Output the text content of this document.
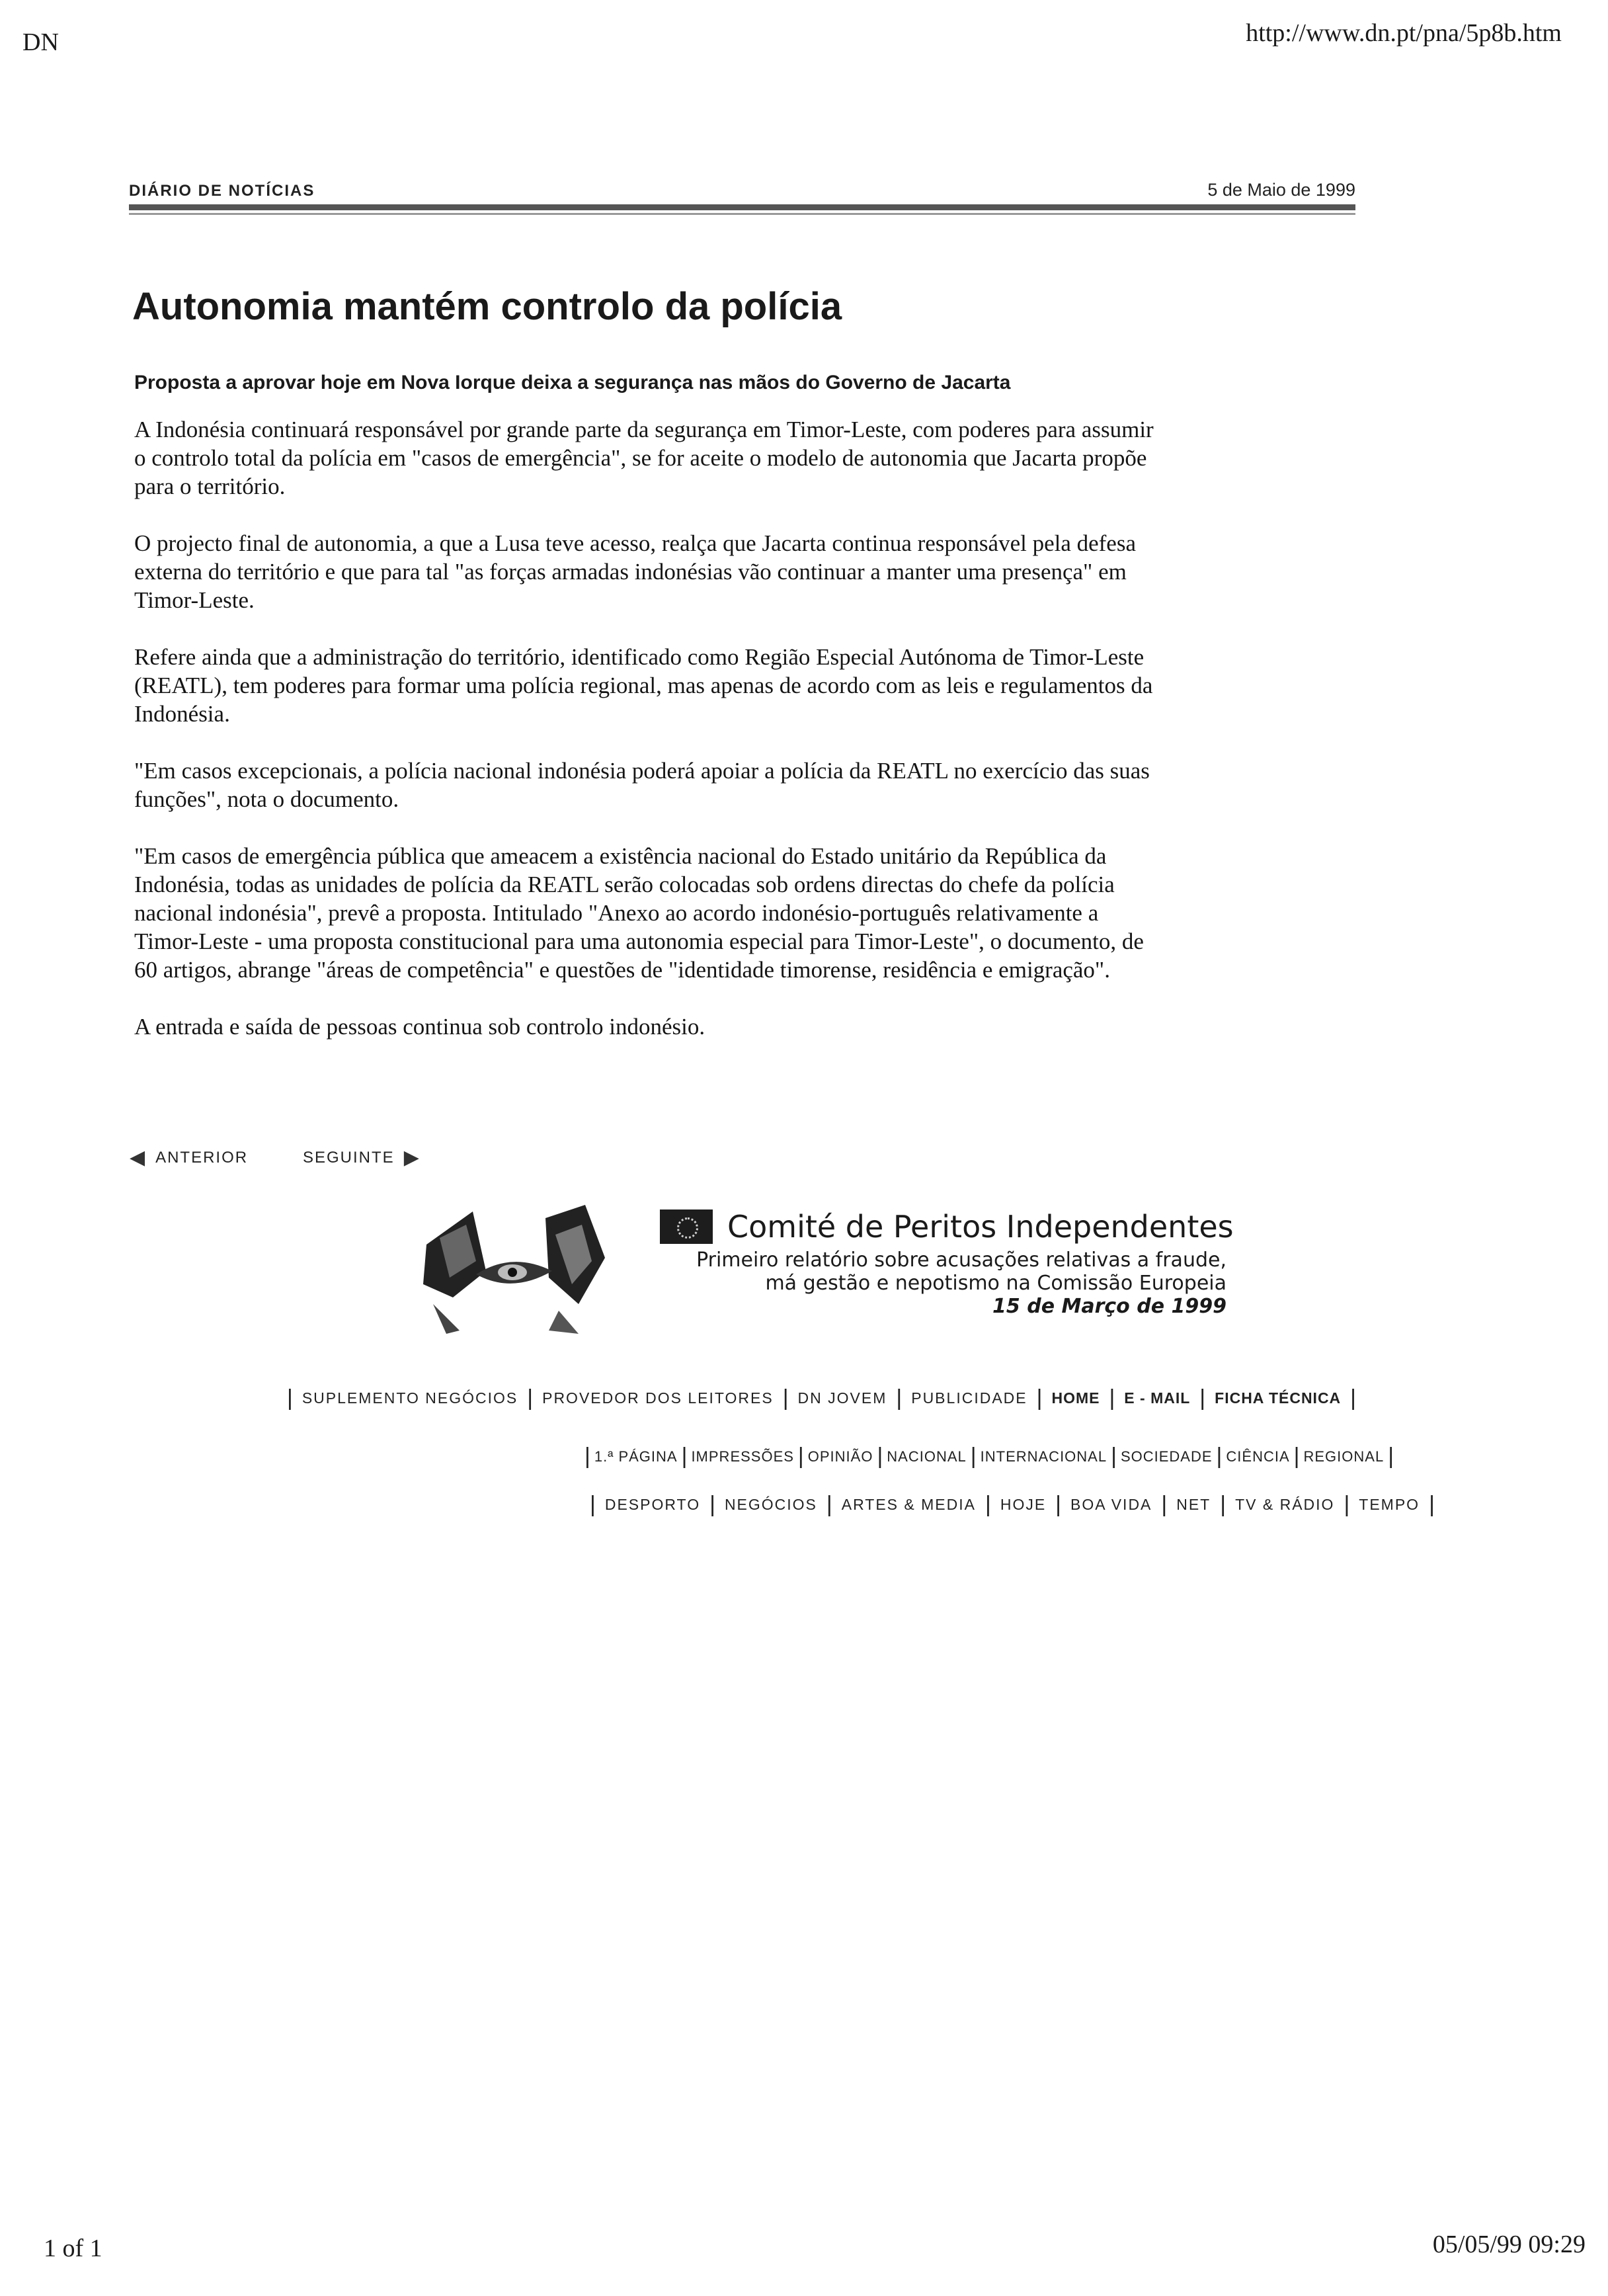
DN	http://www.dn.pt/pna/5p8b.htm
DIÁRIO DE NOTÍCIAS	5 de Maio de 1999
Autonomia mantém controlo da polícia
Proposta a aprovar hoje em Nova Iorque deixa a segurança nas mãos do Governo de Jacarta

A Indonésia continuará responsável por grande parte da segurança em Timor-Leste, com poderes para assumir o controlo total da polícia em "casos de emergência", se for aceite o modelo de autonomia que Jacarta propõe para o território.

O projecto final de autonomia, a que a Lusa teve acesso, realça que Jacarta continua responsável pela defesa externa do território e que para tal "as forças armadas indonésias vão continuar a manter uma presença" em Timor-Leste.

Refere ainda que a administração do território, identificado como Região Especial Autónoma de Timor-Leste (REATL), tem poderes para formar uma polícia regional, mas apenas de acordo com as leis e regulamentos da Indonésia.

"Em casos excepcionais, a polícia nacional indonésia poderá apoiar a polícia da REATL no exercício das suas funções", nota o documento.

"Em casos de emergência pública que ameacem a existência nacional do Estado unitário da República da Indonésia, todas as unidades de polícia da REATL serão colocadas sob ordens directas do chefe da polícia nacional indonésia", prevê a proposta. Intitulado "Anexo ao acordo indonésio-português relativamente a Timor-Leste - uma proposta constitucional para uma autonomia especial para Timor-Leste", o documento, de 60 artigos, abrange "áreas de competência" e questões de "identidade timorense, residência e emigração".

A entrada e saída de pessoas continua sob controlo indonésio.

◀ ANTERIOR	SEGUINTE ▶
Comité de Peritos Independentes
Primeiro relatório sobre acusações relativas a fraude,
má gestão e nepotismo na Comissão Europeia
15 de Março de 1999
| SUPLEMENTO NEGÓCIOS | PROVEDOR DOS LEITORES | DN JOVEM | PUBLICIDADE | HOME | E - MAIL | FICHA TÉCNICA |
| 1.ª PÁGINA | IMPRESSÕES | OPINIÃO | NACIONAL | INTERNACIONAL | SOCIEDADE | CIÊNCIA | REGIONAL |
| DESPORTO | NEGÓCIOS | ARTES & MEDIA | HOJE | BOA VIDA | NET | TV & RÁDIO | TEMPO |
1 of 1	05/05/99 09:29
